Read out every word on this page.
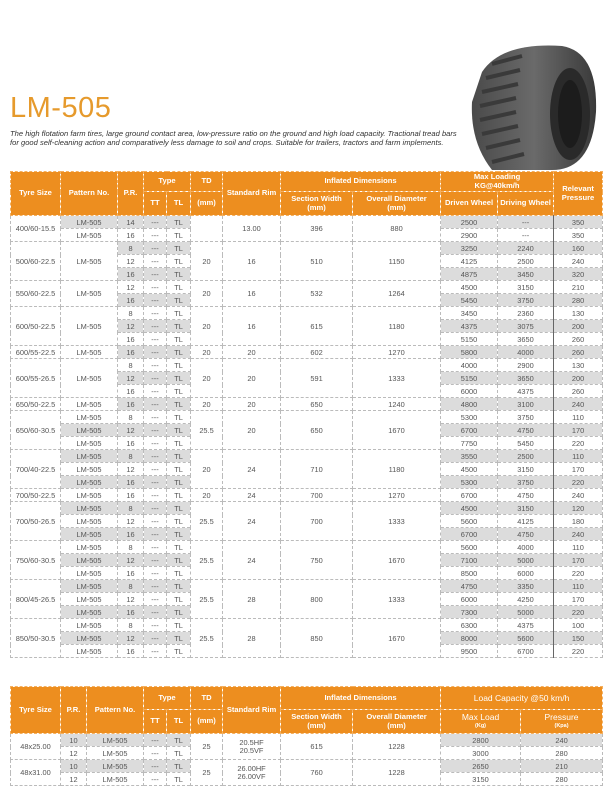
LM-505
The high flotation farm tires, large ground contact area, low-pressure ratio on the ground and high load capacity. Tractional tread bars for good self-cleaning action and comparatively less damage to soil and crops. Suitable for trailers, tractors and farm implements.
Tyre Size	Pattern No.	P.R.	Type		TD	Standard Rim	Inflated Dimensions		Max Loading
KG@40km/h		Relevant Pressure
			TT	TL	(mm)		Section Width
(mm)	Overall Diameter
(mm)	Driven Wheel	Driving Wheel	
400/60-15.5	LM-505	14	---	TL		13.00	396	880	2500	---	350
	LM-505	16	---	TL					2900	---	350
500/60-22.5	LM-505	8	---	TL	20	16	510	1150	3250	2240	160
		12	---	TL					4125	2500	240
		16	---	TL					4875	3450	320
550/60-22.5	LM-505	12	---	TL	20	16	532	1264	4500	3150	210
		16	---	TL					5450	3750	280
600/50-22.5	LM-505	8	---	TL	20	16	615	1180	3450	2360	130
		12	---	TL					4375	3075	200
		16	---	TL					5150	3650	260
600/55-22.5	LM-505	16	---	TL	20	20	602	1270	5800	4000	260
600/55-26.5	LM-505	8	---	TL	20	20	591	1333	4000	2900	130
		12	---	TL					5150	3650	200
		16	---	TL					6000	4375	260
650/50-22.5	LM-505	16	---	TL	20	20	650	1240	4800	3100	240
650/60-30.5	LM-505	8	---	TL	25.5	20	650	1670	5300	3750	110
	LM-505	12	---	TL					6700	4750	170
	LM-505	16	---	TL					7750	5450	220
700/40-22.5	LM-505	8	---	TL	20	24	710	1180	3550	2500	110
	LM-505	12	---	TL					4500	3150	170
	LM-505	16	---	TL					5300	3750	220
700/50-22.5	LM-505	16	---	TL	20	24	700	1270	6700	4750	240
700/50-26.5	LM-505	8	---	TL	25.5	24	700	1333	4500	3150	120
	LM-505	12	---	TL					5600	4125	180
	LM-505	16	---	TL					6700	4750	240
750/60-30.5	LM-505	8	---	TL	25.5	24	750	1670	5600	4000	110
	LM-505	12	---	TL					7100	5000	170
	LM-505	16	---	TL					8500	6000	220
800/45-26.5	LM-505	8	---	TL	25.5	28	800	1333	4750	3350	110
	LM-505	12	---	TL					6000	4250	170
	LM-505	16	---	TL					7300	5000	220
850/50-30.5	LM-505	8	---	TL	25.5	28	850	1670	6300	4375	100
	LM-505	12	---	TL					8000	5600	150
	LM-505	16	---	TL					9500	6700	220
Tyre Size	P.R.	Pattern No.	Type		TD	Standard Rim	Inflated Dimensions		Load Capacity @50 km/h	
			TT	TL	(mm)		Section Width
(mm)	Overall Diameter
(mm)	Max Load
(Kg)	Pressure
(Kpa)

48x25.00	10	LM-505	---	TL	25	20.5HF
20.5VF	615	1228	2800	240
	12	LM-505	---	TL					3000	280
48x31.00	10	LM-505	---	TL	25	26.00HF
26.00VF	760	1228	2650	210
	12	LM-505	---	TL					3150	280
